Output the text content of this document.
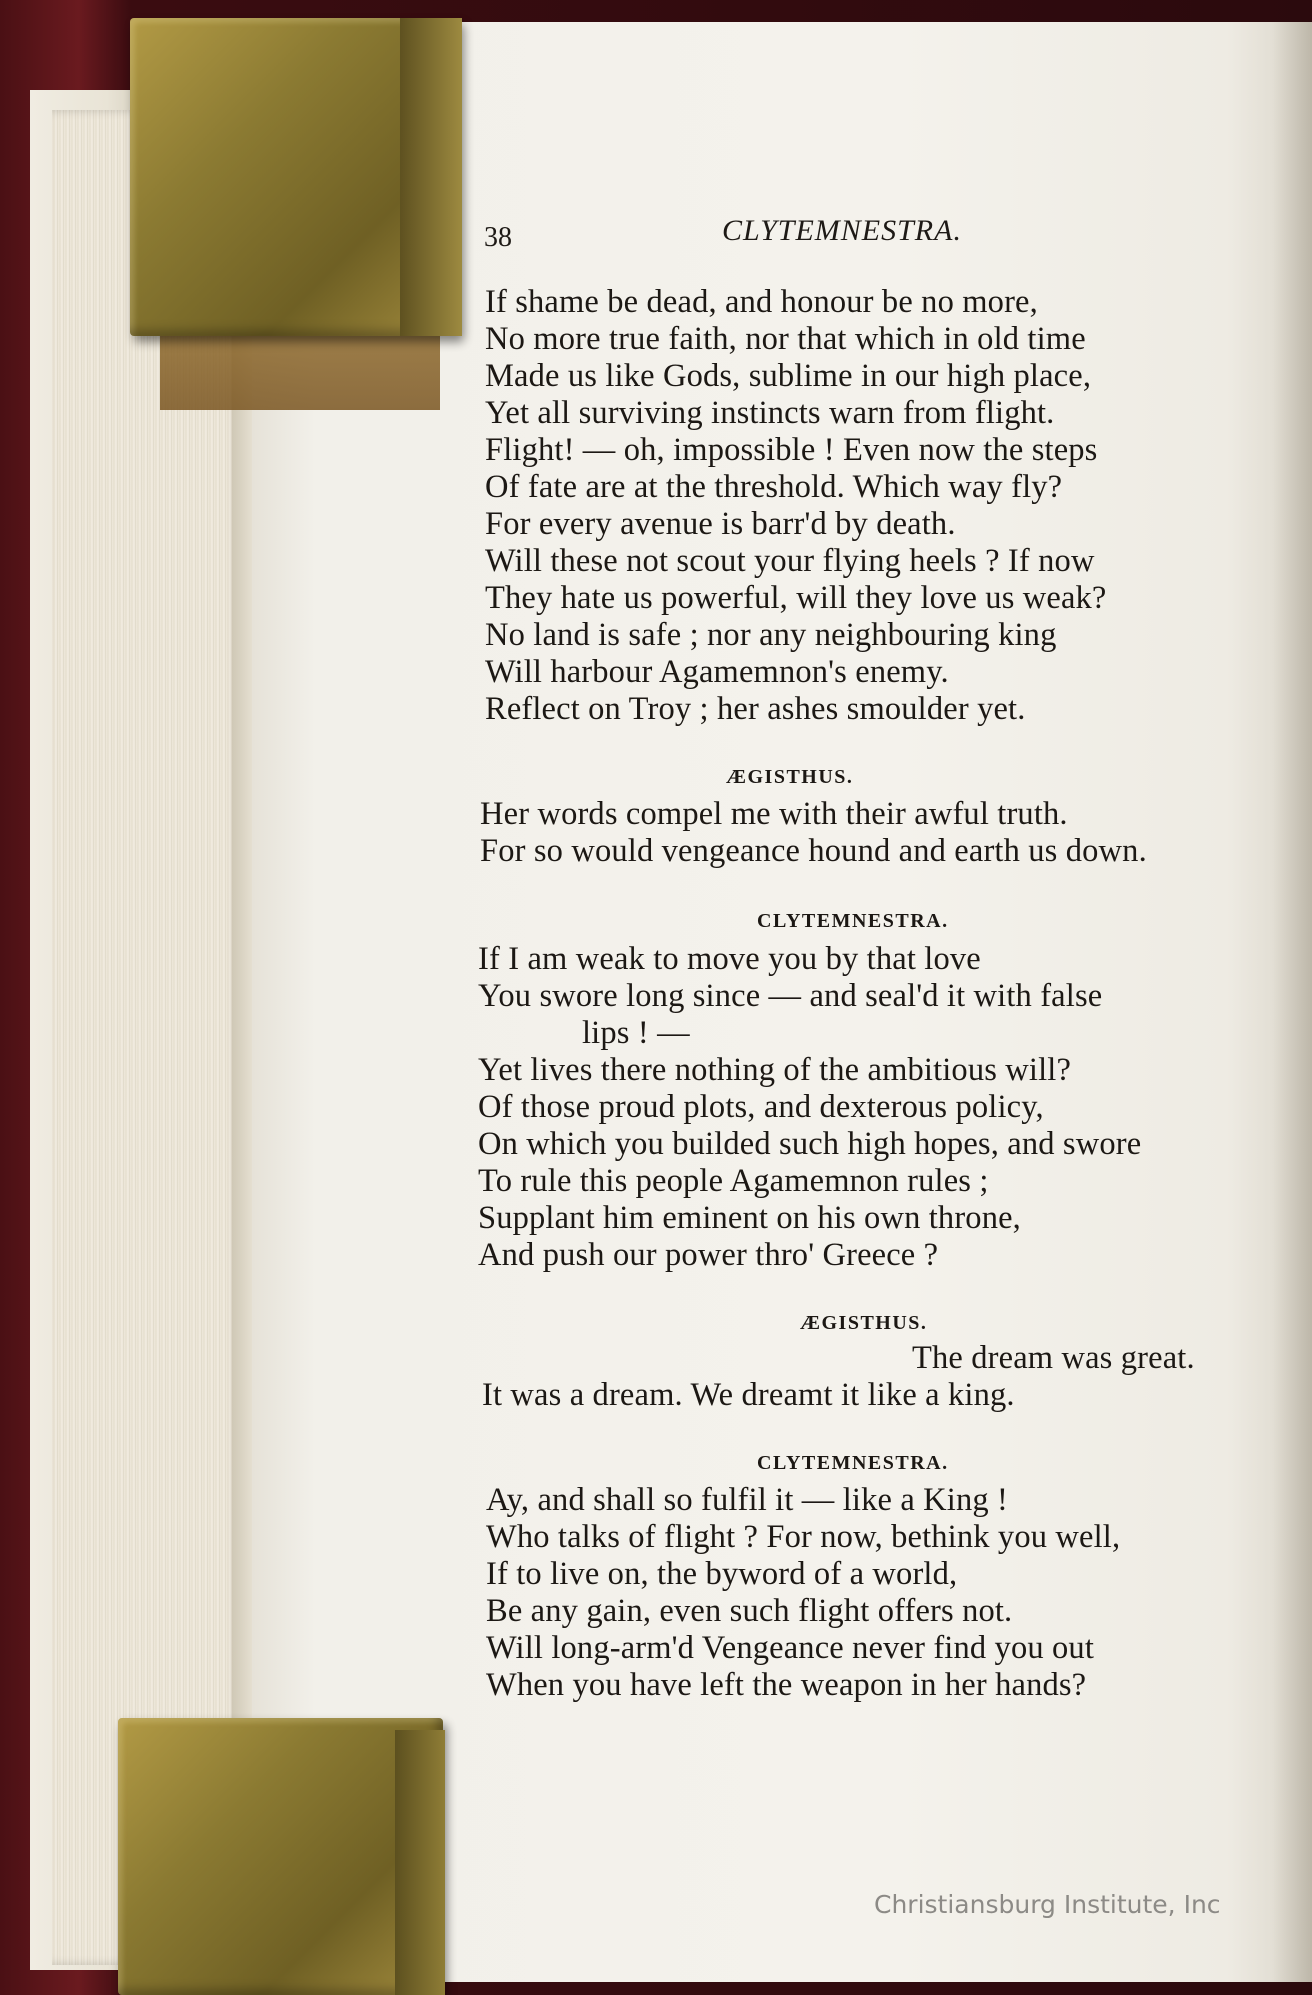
38	CLYTEMNESTRA.
If shame be dead, and honour be no more,
No more true faith, nor that which in old time
Made us like Gods, sublime in our high place,
Yet all surviving instincts warn from flight.
Flight! — oh, impossible ! Even now the steps
Of fate are at the threshold. Which way fly?
For every avenue is barr'd by death.
Will these not scout your flying heels ? If now
They hate us powerful, will they love us weak?
No land is safe ; nor any neighbouring king
Will harbour Agamemnon's enemy.
Reflect on Troy ; her ashes smoulder yet.
ÆGISTHUS.
Her words compel me with their awful truth.
For so would vengeance hound and earth us down.
CLYTEMNESTRA.
If I am weak to move you by that love
You swore long since — and seal'd it with false
lips ! —
Yet lives there nothing of the ambitious will?
Of those proud plots, and dexterous policy,
On which you builded such high hopes, and swore
To rule this people Agamemnon rules ;
Supplant him eminent on his own throne,
And push our power thro' Greece ?
ÆGISTHUS.
The dream was great.
It was a dream. We dreamt it like a king.
CLYTEMNESTRA.
Ay, and shall so fulfil it — like a King !
Who talks of flight ? For now, bethink you well,
If to live on, the byword of a world,
Be any gain, even such flight offers not.
Will long-arm'd Vengeance never find you out
When you have left the weapon in her hands?
Christiansburg Institute, Inc
